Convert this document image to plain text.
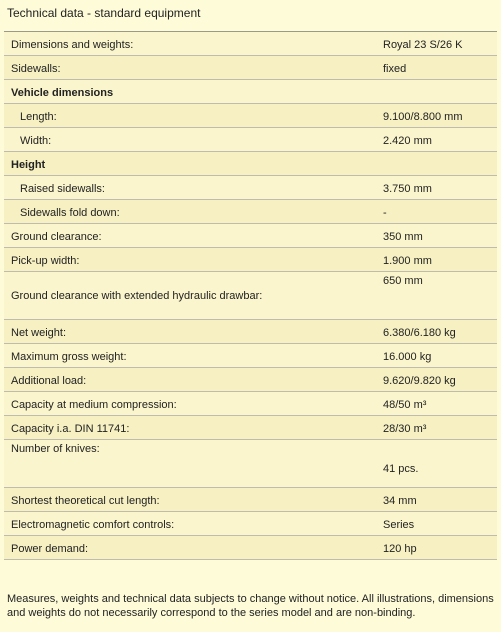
Technical data - standard equipment
Dimensions and weights:	Royal 23 S/26 K
Sidewalls:	fixed
Vehicle dimensions
Length:	9.100/8.800 mm
Width:	2.420 mm
Height
Raised sidewalls:	3.750 mm
Sidewalls fold down:	-
Ground clearance:	350 mm
Pick-up width:	1.900 mm
Ground clearance with extended hydraulic drawbar:
650 mm
Net weight:	6.380/6.180 kg
Maximum gross weight:	16.000 kg
Additional load:	9.620/9.820 kg
Capacity at medium compression:	48/50 m³
Capacity i.a. DIN 11741:	28/30 m³
Number of knives:
41 pcs.
Shortest theoretical cut length:	34 mm
Electromagnetic comfort controls:	Series
Power demand:	120 hp
Measures, weights and technical data subjects to change without notice. All illustrations, dimensions and weights do not necessarily correspond to the series model and are non-binding.
